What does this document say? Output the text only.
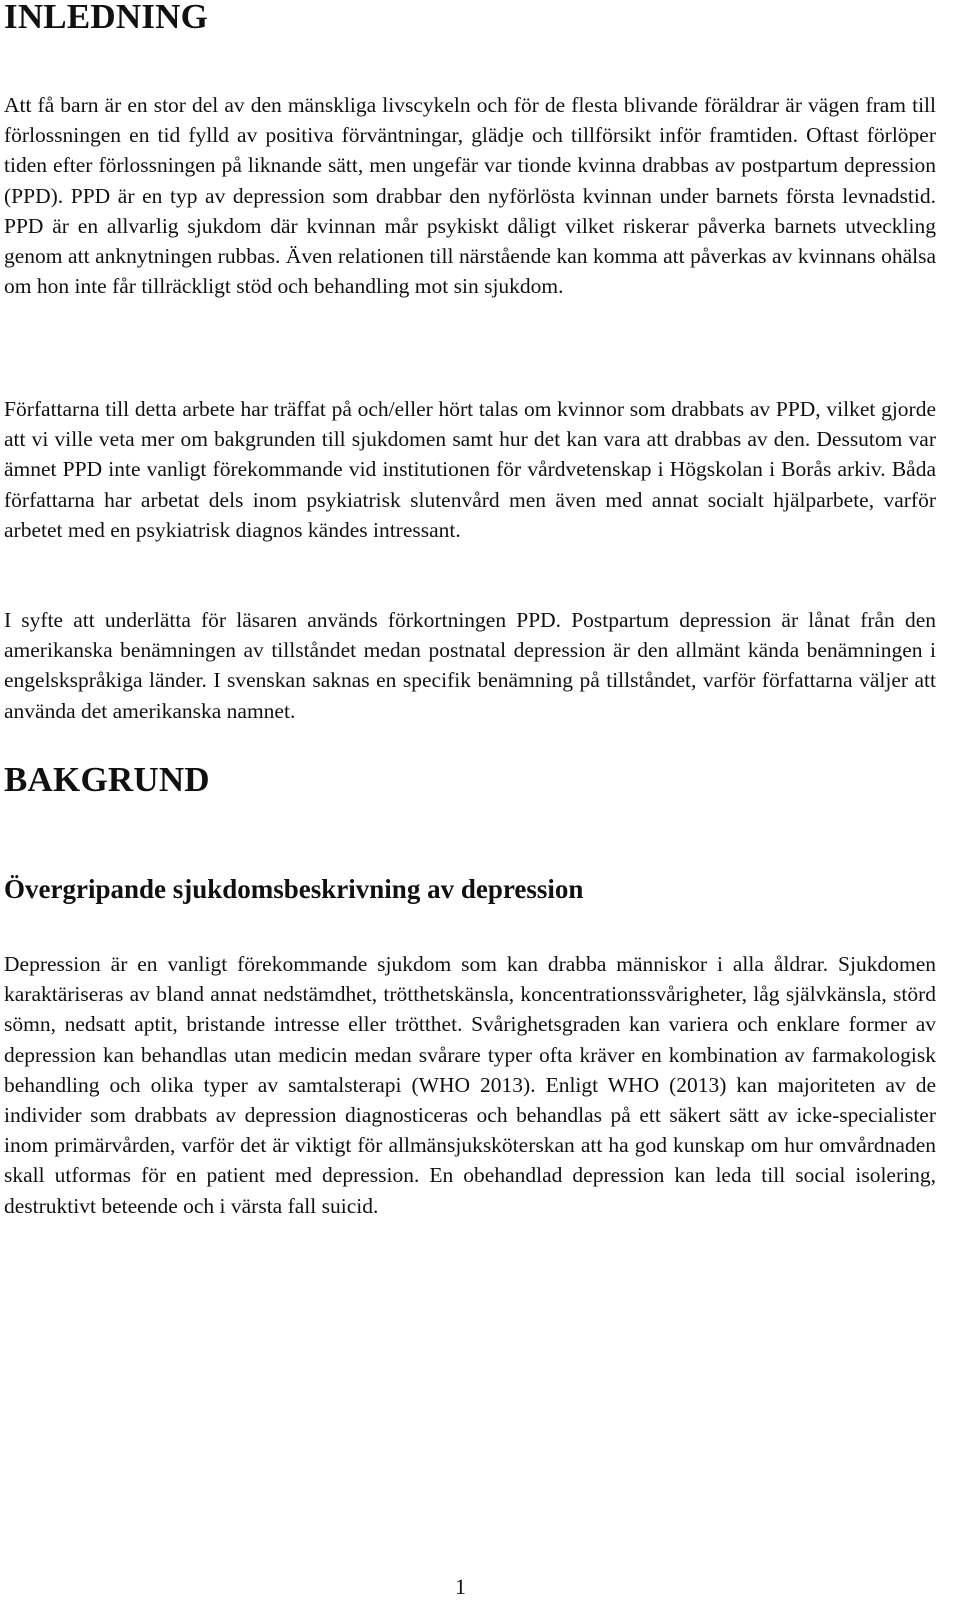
INLEDNING

Att få barn är en stor del av den mänskliga livscykeln och för de flesta blivande föräldrar är vägen fram till förlossningen en tid fylld av positiva förväntningar, glädje och tillförsikt inför framtiden. Oftast förlöper tiden efter förlossningen på liknande sätt, men ungefär var tionde kvinna drabbas av postpartum depression (PPD). PPD är en typ av depression som drabbar den nyförlösta kvinnan under barnets första levnadstid. PPD är en allvarlig sjukdom där kvinnan mår psykiskt dåligt vilket riskerar påverka barnets utveckling genom att anknytningen rubbas. Även relationen till närstående kan komma att påverkas av kvinnans ohälsa om hon inte får tillräckligt stöd och behandling mot sin sjukdom.

Författarna till detta arbete har träffat på och/eller hört talas om kvinnor som drabbats av PPD, vilket gjorde att vi ville veta mer om bakgrunden till sjukdomen samt hur det kan vara att drabbas av den. Dessutom var ämnet PPD inte vanligt förekommande vid institutionen för vårdvetenskap i Högskolan i Borås arkiv. Båda författarna har arbetat dels inom psykiatrisk slutenvård men även med annat socialt hjälparbete, varför arbetet med en psykiatrisk diagnos kändes intressant.

I syfte att underlätta för läsaren används förkortningen PPD. Postpartum depression är lånat från den amerikanska benämningen av tillståndet medan postnatal depression är den allmänt kända benämningen i engelskspråkiga länder. I svenskan saknas en specifik benämning på tillståndet, varför författarna väljer att använda det amerikanska namnet.

BAKGRUND
Övergripande sjukdomsbeskrivning av depression

Depression är en vanligt förekommande sjukdom som kan drabba människor i alla åldrar. Sjukdomen karaktäriseras av bland annat nedstämdhet, trötthetskänsla, koncentrationssvårigheter, låg självkänsla, störd sömn, nedsatt aptit, bristande intresse eller trötthet. Svårighetsgraden kan variera och enklare former av depression kan behandlas utan medicin medan svårare typer ofta kräver en kombination av farmakologisk behandling och olika typer av samtalsterapi (WHO 2013). Enligt WHO (2013) kan majoriteten av de individer som drabbats av depression diagnosticeras och behandlas på ett säkert sätt av icke-specialister inom primärvården, varför det är viktigt för allmänsjuksköterskan att ha god kunskap om hur omvårdnaden skall utformas för en patient med depression. En obehandlad depression kan leda till social isolering, destruktivt beteende och i värsta fall suicid.

1
